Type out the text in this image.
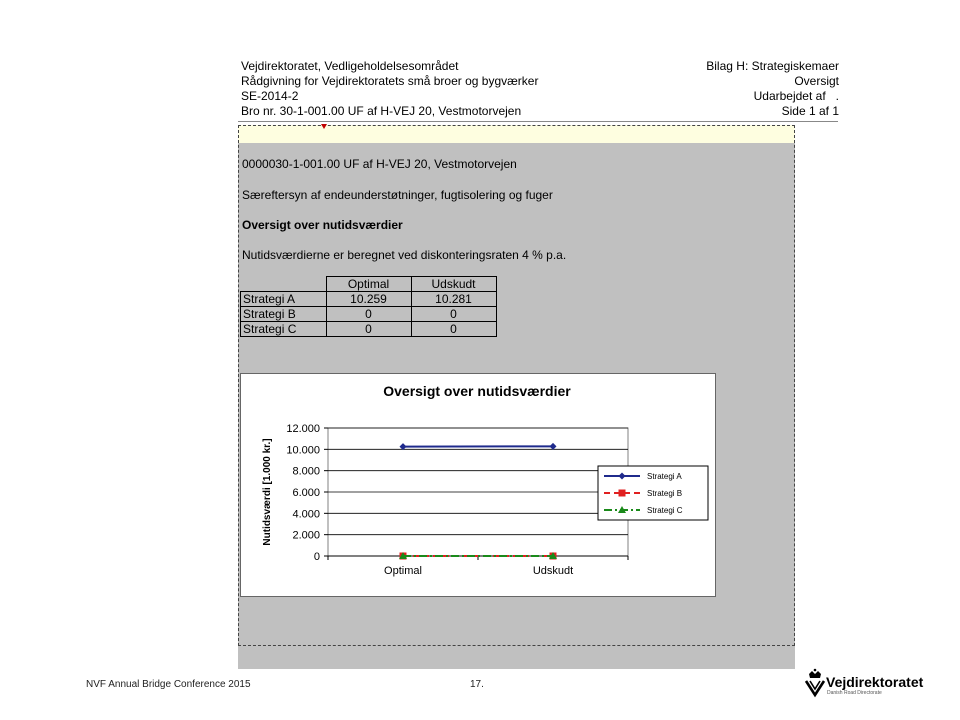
Vejdirektoratet, Vedligeholdelsesområdet
Rådgivning for Vejdirektoratets små broer og bygværker
SE-2014-2
Bro nr. 30-1-001.00 UF af H-VEJ 20, Vestmotorvejen
Bilag H: Strategiskemaer
Oversigt
Udarbejdet af   .
Side 1 af 1
0000030-1-001.00 UF af H-VEJ 20, Vestmotorvejen
Særeftersyn af endeunderstøtninger, fugtisolering og fuger
Oversigt over nutidsværdier
Nutidsværdierne er beregnet ved diskonteringsraten 4 % p.a.
	Optimal	Udskudt
Strategi A	10.259	10.281
Strategi B	0	0
Strategi C	0	0
Oversigt over nutidsværdier
0
2.000
4.000
6.000
8.000
10.000
12.000
Optimal	Udskudt
Nutidsværdi [1.000 kr.]	Strategi A
Strategi B
Strategi C
NVF Annual Bridge Conference 2015	17.	Vejdirektoratet
Danish Road Directorate
